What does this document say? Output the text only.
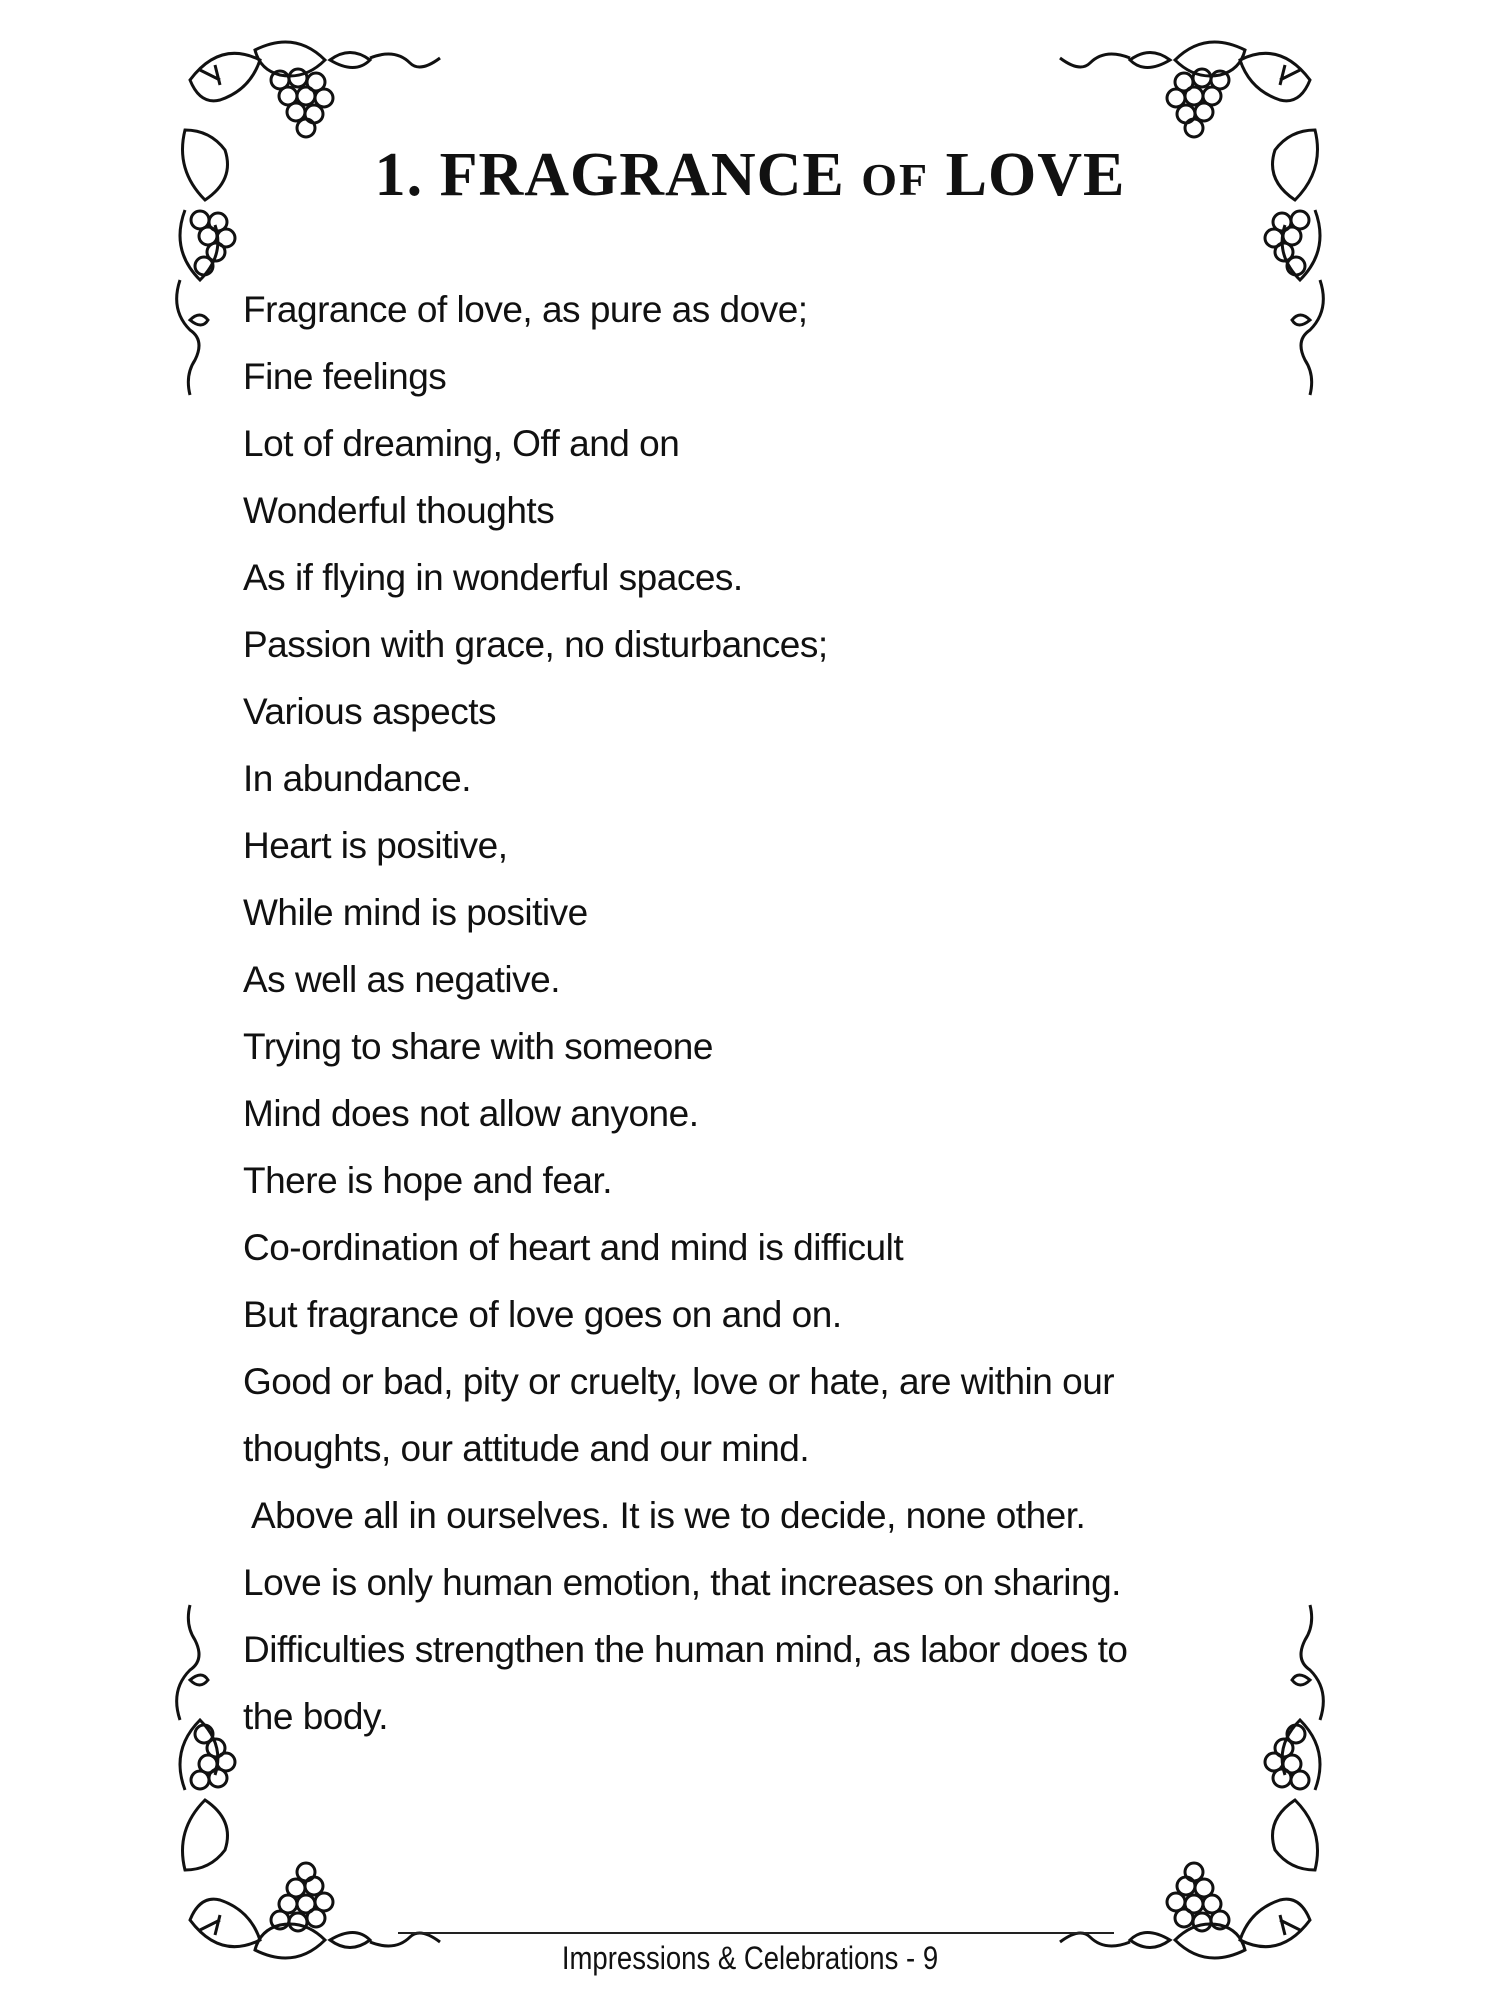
1. FRAGRANCE OF LOVE
Fragrance of love, as pure as dove;
Fine feelings
Lot of dreaming, Off and on
Wonderful thoughts
As if flying in wonderful spaces.
Passion with grace, no disturbances;
Various aspects
In abundance.
Heart is positive,
While mind is positive
As well as negative.
Trying to share with someone
Mind does not allow anyone.
There is hope and fear.
Co-ordination of heart and mind is difficult
But fragrance of love goes on and on.
Good or bad, pity or cruelty, love or hate, are within our
thoughts, our attitude and our mind.
Above all in ourselves. It is we to decide, none other.
Love is only human emotion, that increases on sharing.
Difficulties strengthen the human mind, as labor does to
the body.
Impressions & Celebrations - 9
